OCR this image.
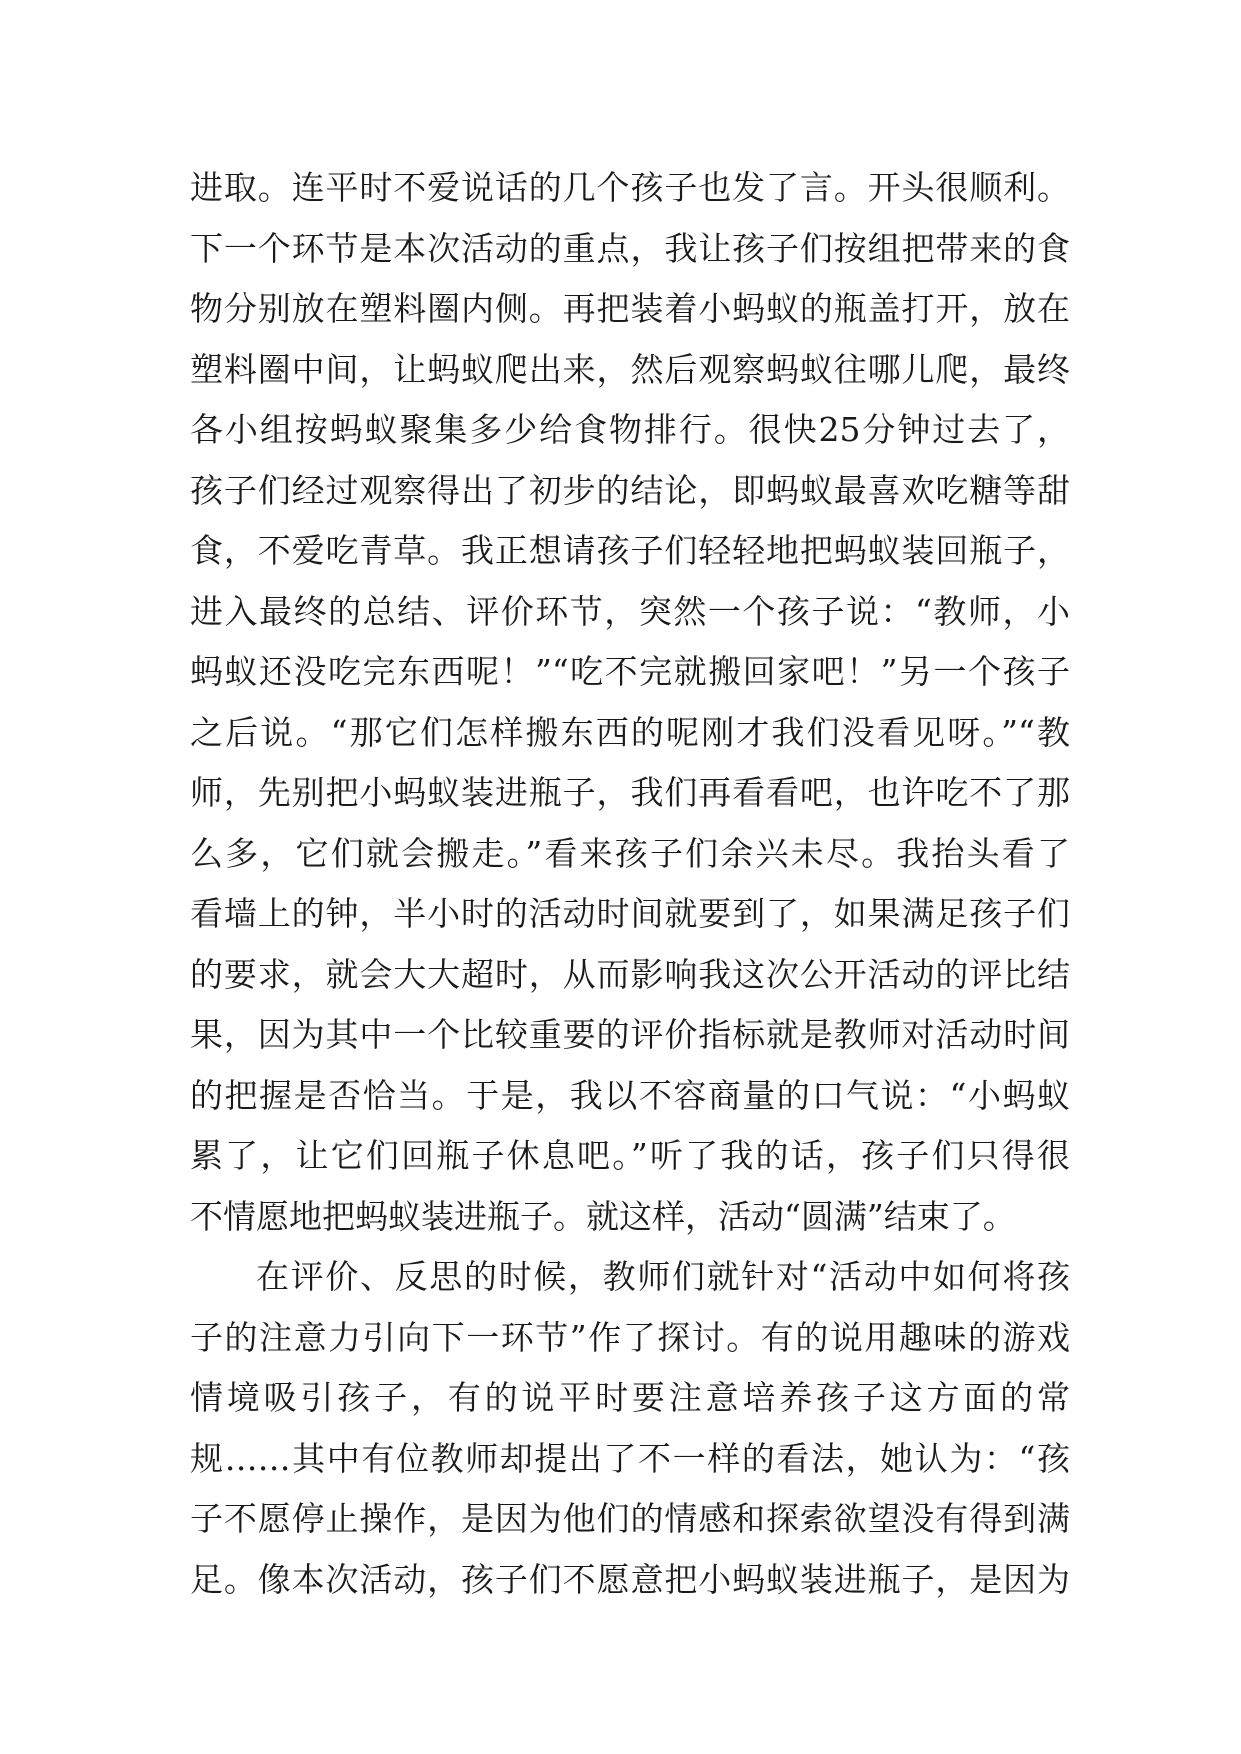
进取。连平时不爱说话的几个孩子也发了言。开头很顺利。
下一个环节是本次活动的重点，我让孩子们按组把带来的食
物分别放在塑料圈内侧。再把装着小蚂蚁的瓶盖打开，放在
塑料圈中间，让蚂蚁爬出来，然后观察蚂蚁往哪儿爬，最终
各小组按蚂蚁聚集多少给食物排行。很快25分钟过去了，
孩子们经过观察得出了初步的结论，即蚂蚁最喜欢吃糖等甜
食，不爱吃青草。我正想请孩子们轻轻地把蚂蚁装回瓶子，
进入最终的总结、评价环节，突然一个孩子说：“教师，小
蚂蚁还没吃完东西呢！”“吃不完就搬回家吧！”另一个孩子
之后说。“那它们怎样搬东西的呢刚才我们没看见呀。”“教
师，先别把小蚂蚁装进瓶子，我们再看看吧，也许吃不了那
么多，它们就会搬走。”看来孩子们余兴未尽。我抬头看了
看墙上的钟，半小时的活动时间就要到了，如果满足孩子们
的要求，就会大大超时，从而影响我这次公开活动的评比结
果，因为其中一个比较重要的评价指标就是教师对活动时间
的把握是否恰当。于是，我以不容商量的口气说：“小蚂蚁
累了，让它们回瓶子休息吧。”听了我的话，孩子们只得很
不情愿地把蚂蚁装进瓶子。就这样，活动“圆满”结束了。
在评价、反思的时候，教师们就针对“活动中如何将孩
子的注意力引向下一环节”作了探讨。有的说用趣味的游戏
情境吸引孩子，有的说平时要注意培养孩子这方面的常
规……其中有位教师却提出了不一样的看法，她认为：“孩
子不愿停止操作，是因为他们的情感和探索欲望没有得到满
足。像本次活动，孩子们不愿意把小蚂蚁装进瓶子，是因为
